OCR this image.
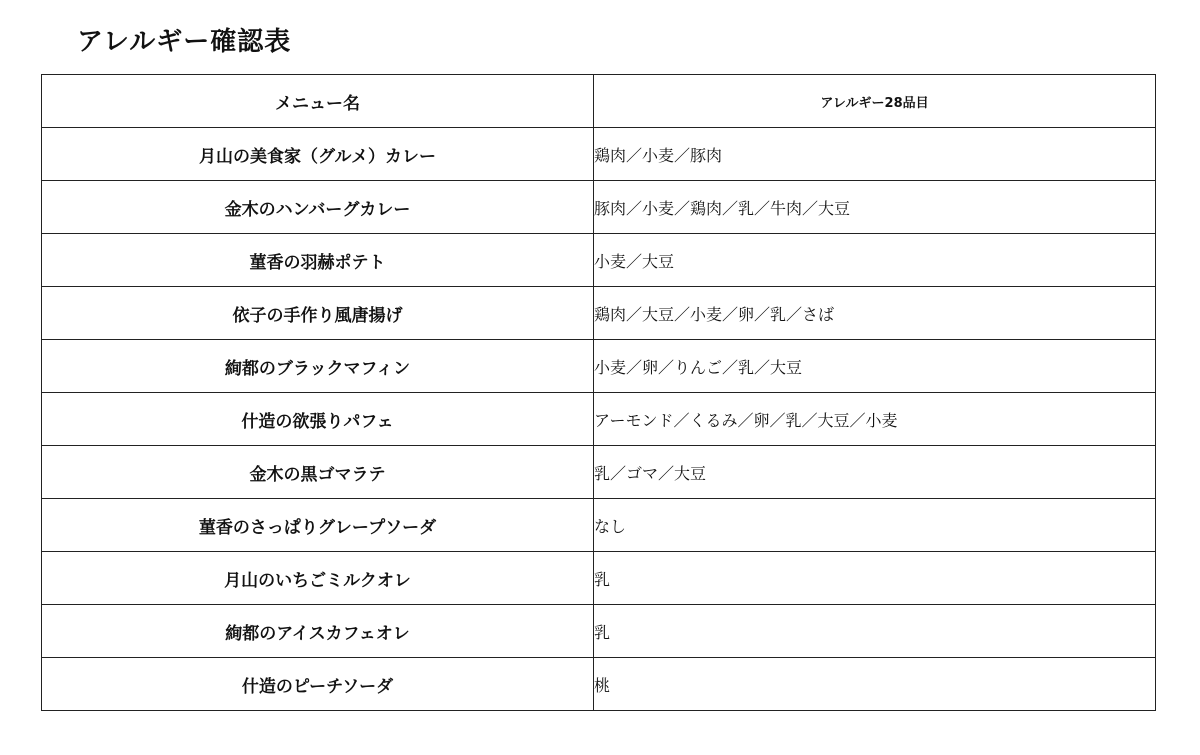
アレルギー確認表
メニュー名	アレルギー28品目
月山の美食家（グルメ）カレー	鶏肉／小麦／豚肉
金木のハンバーグカレー	豚肉／小麦／鶏肉／乳／牛肉／大豆
菫香の羽赫ポテト	小麦／大豆
依子の手作り風唐揚げ	鶏肉／大豆／小麦／卵／乳／さば
絢都のブラックマフィン	小麦／卵／りんご／乳／大豆
什造の欲張りパフェ	アーモンド／くるみ／卵／乳／大豆／小麦
金木の黒ゴマラテ	乳／ゴマ／大豆
菫香のさっぱりグレープソーダ	なし
月山のいちごミルクオレ	乳
絢都のアイスカフェオレ	乳
什造のピーチソーダ	桃
